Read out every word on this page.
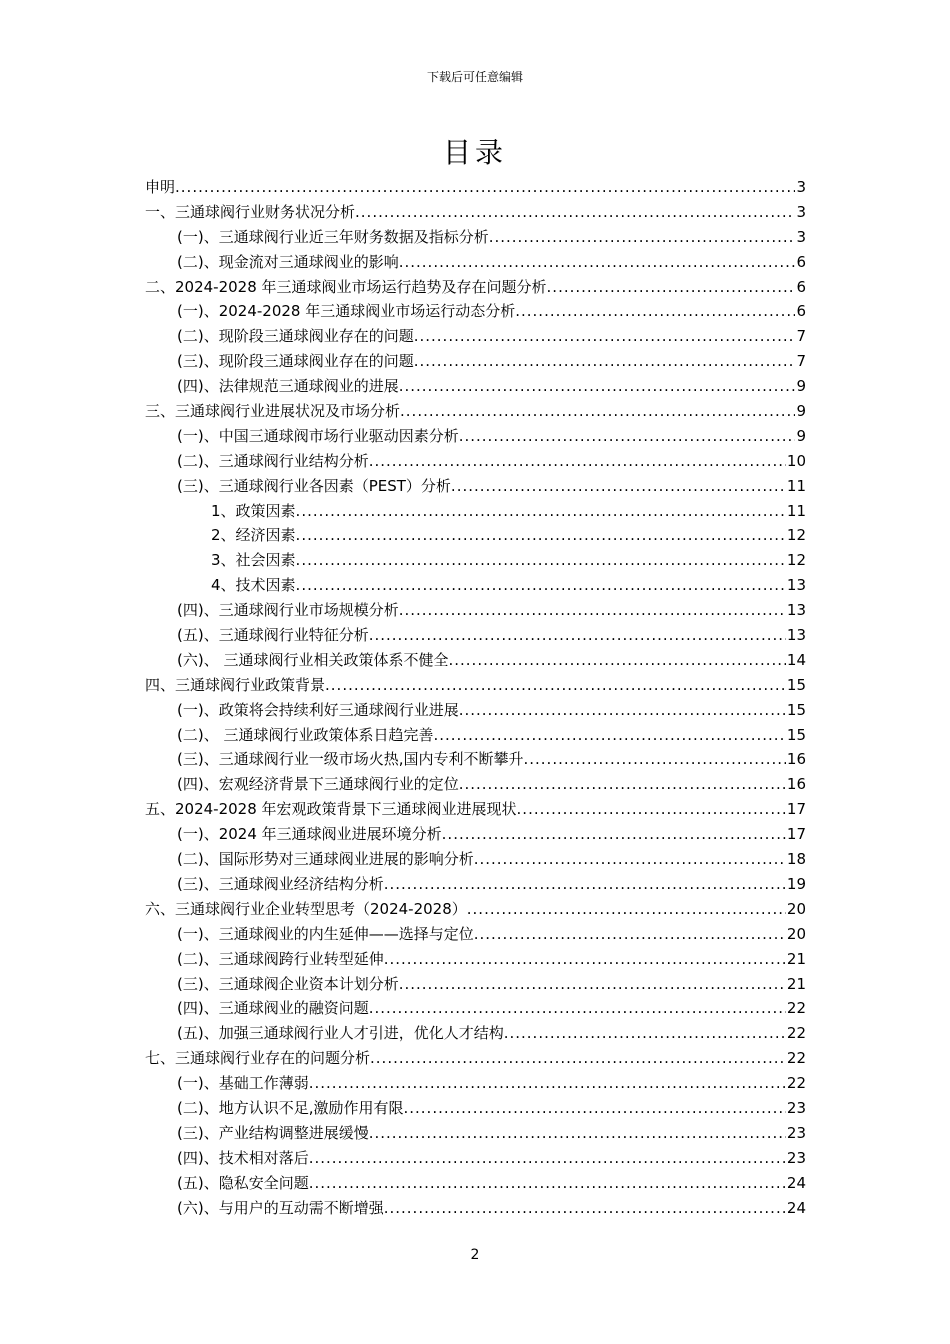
下载后可任意编辑
目录
申明 .....	3
一、三通球阀行业财务状况分析 .....	3
(一)、三通球阀行业近三年财务数据及指标分析 .....	3
(二)、现金流对三通球阀业的影响 .....	6
二、2024-2028 年三通球阀业市场运行趋势及存在问题分析 .....	6
(一)、2024-2028 年三通球阀业市场运行动态分析 .....	6
(二)、现阶段三通球阀业存在的问题 .....	7
(三)、现阶段三通球阀业存在的问题 .....	7
(四)、法律规范三通球阀业的进展 .....	9
三、三通球阀行业进展状况及市场分析 .....	9
(一)、中国三通球阀市场行业驱动因素分析 .....	9
(二)、三通球阀行业结构分析 .....	10
(三)、三通球阀行业各因素（PEST）分析 .....	11
1、政策因素 .....	11
2、经济因素 .....	12
3、社会因素 .....	12
4、技术因素 .....	13
(四)、三通球阀行业市场规模分析 .....	13
(五)、三通球阀行业特征分析 .....	13
(六)、 三通球阀行业相关政策体系不健全 .....	14
四、三通球阀行业政策背景 .....	15
(一)、政策将会持续利好三通球阀行业进展 .....	15
(二)、 三通球阀行业政策体系日趋完善 .....	15
(三)、三通球阀行业一级市场火热,国内专利不断攀升 .....	16
(四)、宏观经济背景下三通球阀行业的定位 .....	16
五、2024-2028 年宏观政策背景下三通球阀业进展现状 .....	17
(一)、2024 年三通球阀业进展环境分析 .....	17
(二)、国际形势对三通球阀业进展的影响分析 .....	18
(三)、三通球阀业经济结构分析 .....	19
六、三通球阀行业企业转型思考（2024-2028） .....	20
(一)、三通球阀业的内生延伸——选择与定位 .....	20
(二)、三通球阀跨行业转型延伸 .....	21
(三)、三通球阀企业资本计划分析 .....	21
(四)、三通球阀业的融资问题 .....	22
(五)、加强三通球阀行业人才引进，优化人才结构 .....	22
七、三通球阀行业存在的问题分析 .....	22
(一)、基础工作薄弱 .....	22
(二)、地方认识不足,激励作用有限 .....	23
(三)、产业结构调整进展缓慢 .....	23
(四)、技术相对落后 .....	23
(五)、隐私安全问题 .....	24
(六)、与用户的互动需不断增强 .....	24
2
